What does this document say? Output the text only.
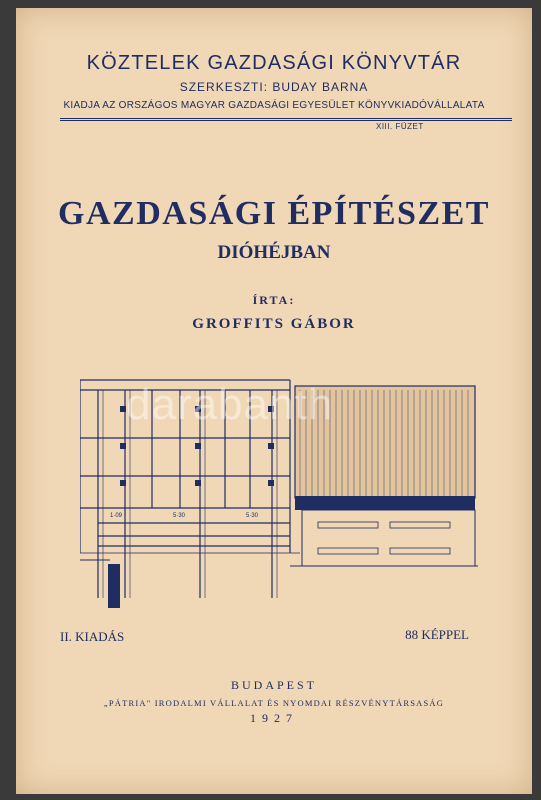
KÖZTELEK GAZDASÁGI KÖNYVTÁR
SZERKESZTI: BUDAY BARNA
KIADJA AZ ORSZÁGOS MAGYAR GAZDASÁGI EGYESÜLET KÖNYVKIADÓVÁLLALATA
XIII. FÜZET
GAZDASÁGI ÉPÍTÉSZET
DIÓHÉJBAN
ÍRTA:
GROFFITS GÁBOR
1·09	5·30	5·30
darabanth
II. KIADÁS	88 KÉPPEL
BUDAPEST
„PÁTRIA" IRODALMI VÁLLALAT ÉS NYOMDAI RÉSZVÉNYTÁRSASÁG
1927
